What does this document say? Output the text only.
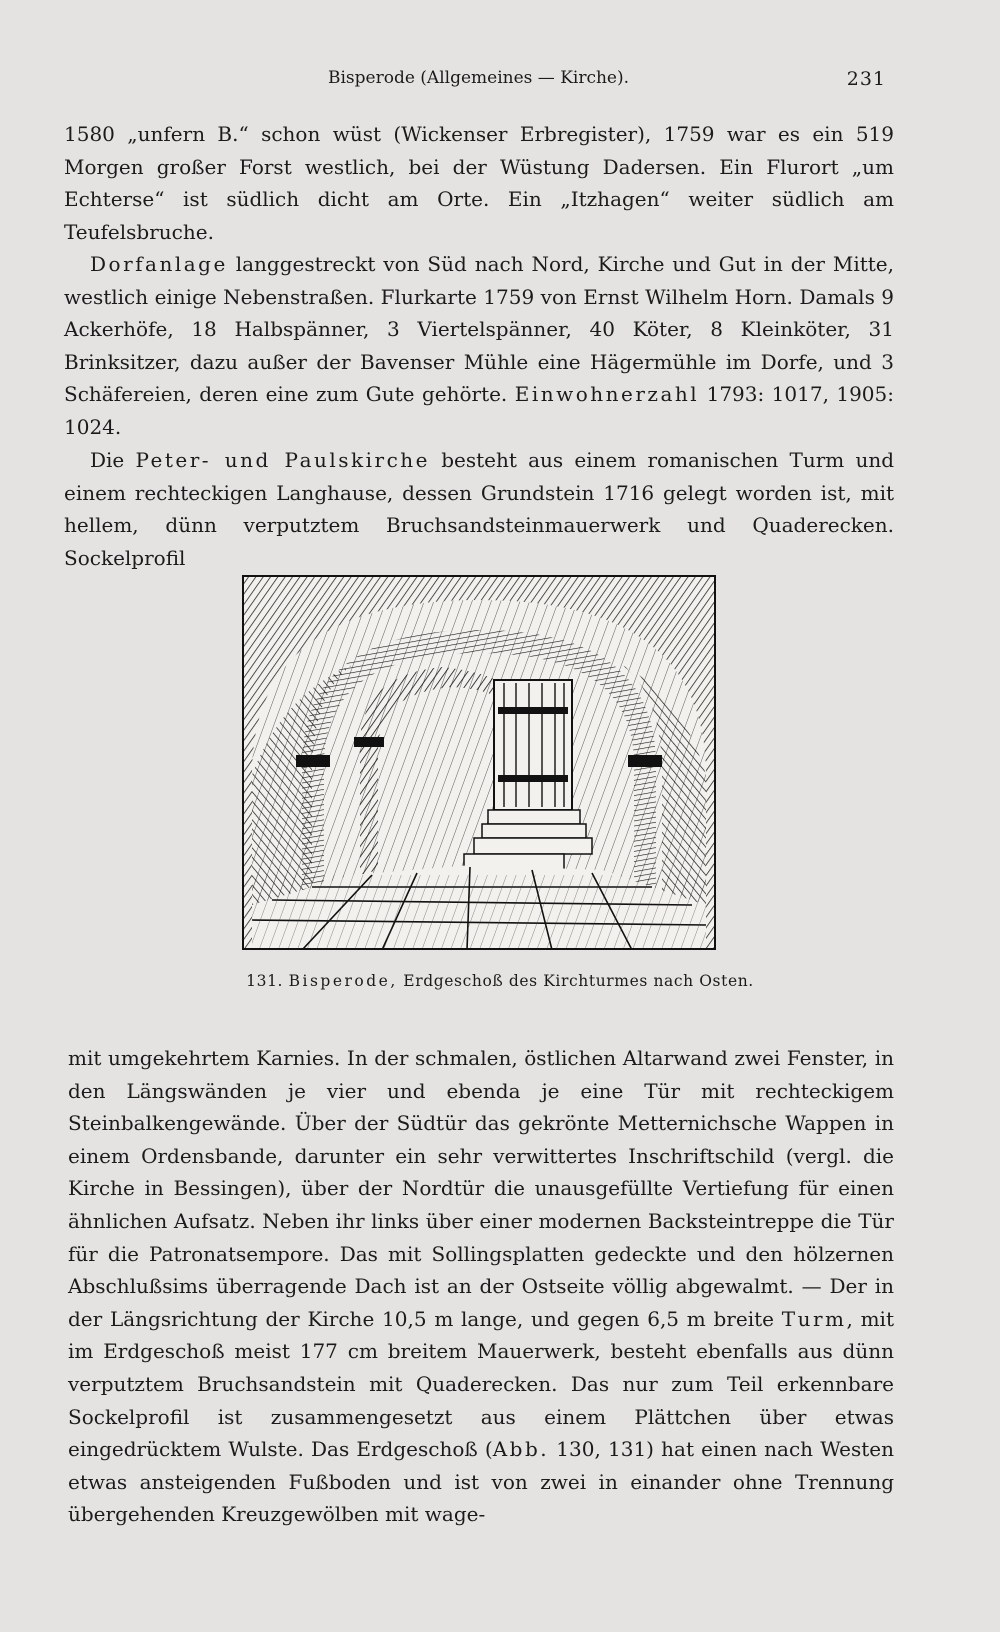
Bisperode (Allgemeines — Kirche).	231

1580 „unfern B.“ schon wüst (Wickenser Erbregister), 1759 war es ein 519 Morgen großer Forst westlich, bei der Wüstung Dadersen. Ein Flurort „um Echterse“ ist südlich dicht am Orte. Ein „Itzhagen“ weiter südlich am Teufelsbruche.

Dorfanlage langgestreckt von Süd nach Nord, Kirche und Gut in der Mitte, westlich einige Nebenstraßen. Flurkarte 1759 von Ernst Wilhelm Horn. Damals 9 Ackerhöfe, 18 Halbspänner, 3 Viertelspänner, 40 Köter, 8 Kleinköter, 31 Brinksitzer, dazu außer der Bavenser Mühle eine Hägermühle im Dorfe, und 3 Schäfereien, deren eine zum Gute gehörte. Einwohnerzahl 1793: 1017, 1905: 1024.

Die Peter- und Paulskirche besteht aus einem romanischen Turm und einem rechteckigen Langhause, dessen Grundstein 1716 gelegt worden ist, mit hellem, dünn verputztem Bruchsandsteinmauerwerk und Quaderecken. Sockelprofil

131. Bisperode, Erdgeschoß des Kirchturmes nach Osten.

mit umgekehrtem Karnies. In der schmalen, östlichen Altarwand zwei Fenster, in den Längswänden je vier und ebenda je eine Tür mit rechteckigem Steinbalkengewände. Über der Südtür das gekrönte Metternichsche Wappen in einem Ordensbande, darunter ein sehr verwittertes Inschriftschild (vergl. die Kirche in Bessingen), über der Nordtür die unausgefüllte Vertiefung für einen ähnlichen Aufsatz. Neben ihr links über einer modernen Backsteintreppe die Tür für die Patronatsempore. Das mit Sollingsplatten gedeckte und den hölzernen Abschlußsims überragende Dach ist an der Ostseite völlig abgewalmt. — Der in der Längsrichtung der Kirche 10,5 m lange, und gegen 6,5 m breite Turm, mit im Erdgeschoß meist 177 cm breitem Mauerwerk, besteht ebenfalls aus dünn verputztem Bruchsandstein mit Quaderecken. Das nur zum Teil erkennbare Sockelprofil ist zusammengesetzt aus einem Plättchen über etwas eingedrücktem Wulste. Das Erdgeschoß (Abb. 130, 131) hat einen nach Westen etwas ansteigenden Fußboden und ist von zwei in einander ohne Trennung übergehenden Kreuzgewölben mit wage-
